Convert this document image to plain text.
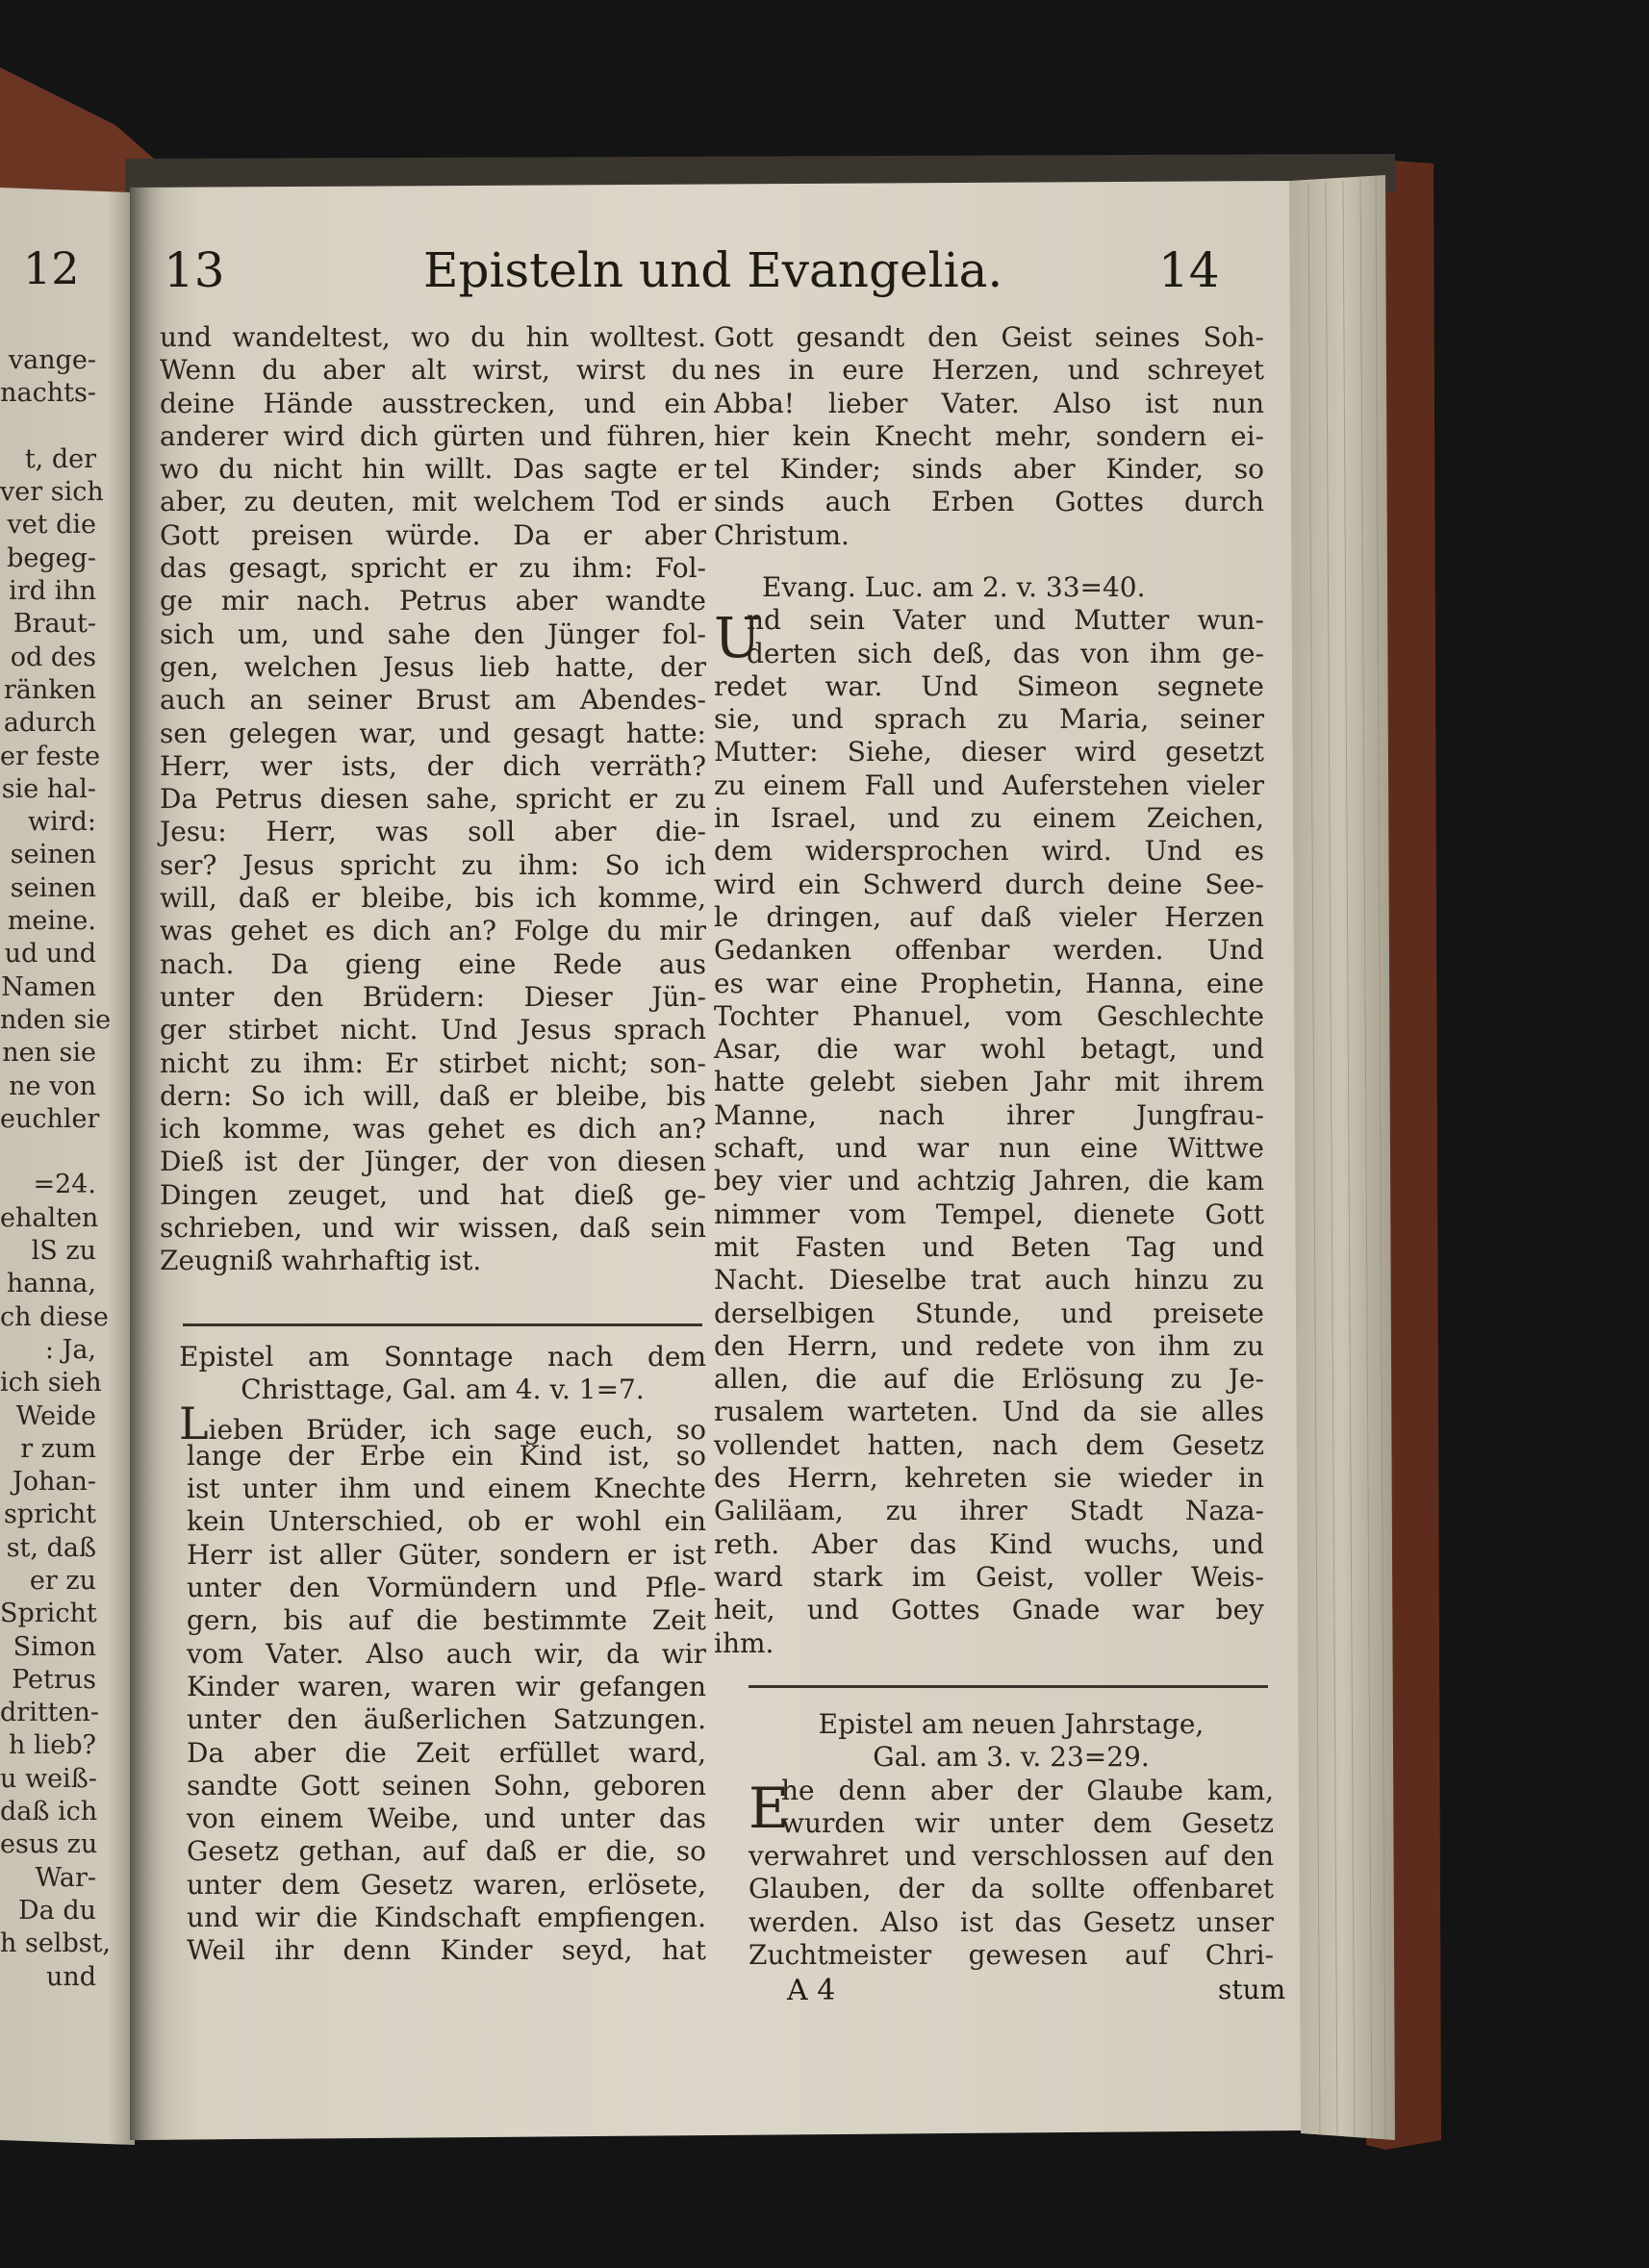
vange-
nachts-
t, der
ver sich
vet die
begeg-
ird ihn
Braut-
od des
ränken
adurch
er feste
sie hal-
wird:
seinen
seinen
meine.
ud und
Namen
nden sie
nen sie
ne von
euchler
=24.
ehalten
lS zu
hanna,
ch diese
: Ja,
ich sieh
Weide
r zum
Johan-
spricht
st, daß
er zu
Spricht
Simon
Petrus
dritten-
h lieb?
u weiß-
daß ich
esus zu
War-
Da du
h selbst,
und
12 13	Episteln und Evangelia.	14
und wandeltest, wo du hin wolltest.
Wenn du aber alt wirst, wirst du
deine Hände ausstrecken, und ein
anderer wird dich gürten und führen,
wo du nicht hin willt. Das sagte er
aber, zu deuten, mit welchem Tod er
Gott preisen würde. Da er aber
das gesagt, spricht er zu ihm: Fol-
ge mir nach. Petrus aber wandte
sich um, und sahe den Jünger fol-
gen, welchen Jesus lieb hatte, der
auch an seiner Brust am Abendes-
sen gelegen war, und gesagt hatte:
Herr, wer ists, der dich verräth?
Da Petrus diesen sahe, spricht er zu
Jesu: Herr, was soll aber die-
ser? Jesus spricht zu ihm: So ich
will, daß er bleibe, bis ich komme,
was gehet es dich an? Folge du mir
nach. Da gieng eine Rede aus
unter den Brüdern: Dieser Jün-
ger stirbet nicht. Und Jesus sprach
nicht zu ihm: Er stirbet nicht; son-
dern: So ich will, daß er bleibe, bis
ich komme, was gehet es dich an?
Dieß ist der Jünger, der von diesen
Dingen zeuget, und hat dieß ge-
schrieben, und wir wissen, daß sein
Zeugniß wahrhaftig ist.
Epistel am Sonntage nach dem
Christtage, Gal. am 4. v. 1=7.
Lieben Brüder, ich sage euch, so
lange der Erbe ein Kind ist, so
ist unter ihm und einem Knechte
kein Unterschied, ob er wohl ein
Herr ist aller Güter, sondern er ist
unter den Vormündern und Pfle-
gern, bis auf die bestimmte Zeit
vom Vater. Also auch wir, da wir
Kinder waren, waren wir gefangen
unter den äußerlichen Satzungen.
Da aber die Zeit erfüllet ward,
sandte Gott seinen Sohn, geboren
von einem Weibe, und unter das
Gesetz gethan, auf daß er die, so
unter dem Gesetz waren, erlösete,
und wir die Kindschaft empfiengen.
Weil ihr denn Kinder seyd, hat
Gott gesandt den Geist seines Soh-
nes in eure Herzen, und schreyet
Abba! lieber Vater. Also ist nun
hier kein Knecht mehr, sondern ei-
tel Kinder; sinds aber Kinder, so
sinds auch Erben Gottes durch
Christum.
Evang. Luc. am 2. v. 33=40.
U
nd sein Vater und Mutter wun-
derten sich deß, das von ihm ge-
redet war. Und Simeon segnete
sie, und sprach zu Maria, seiner
Mutter: Siehe, dieser wird gesetzt
zu einem Fall und Auferstehen vieler
in Israel, und zu einem Zeichen,
dem widersprochen wird. Und es
wird ein Schwerd durch deine See-
le dringen, auf daß vieler Herzen
Gedanken offenbar werden. Und
es war eine Prophetin, Hanna, eine
Tochter Phanuel, vom Geschlechte
Asar, die war wohl betagt, und
hatte gelebt sieben Jahr mit ihrem
Manne, nach ihrer Jungfrau-
schaft, und war nun eine Wittwe
bey vier und achtzig Jahren, die kam
nimmer vom Tempel, dienete Gott
mit Fasten und Beten Tag und
Nacht. Dieselbe trat auch hinzu zu
derselbigen Stunde, und preisete
den Herrn, und redete von ihm zu
allen, die auf die Erlösung zu Je-
rusalem warteten. Und da sie alles
vollendet hatten, nach dem Gesetz
des Herrn, kehreten sie wieder in
Galiläam, zu ihrer Stadt Naza-
reth. Aber das Kind wuchs, und
ward stark im Geist, voller Weis-
heit, und Gottes Gnade war bey
ihm.
Epistel am neuen Jahrstage,
Gal. am 3. v. 23=29.
E
he denn aber der Glaube kam,
wurden wir unter dem Gesetz
verwahret und verschlossen auf den
Glauben, der da sollte offenbaret
werden. Also ist das Gesetz unser
Zuchtmeister gewesen auf Chri-
A 4	stum
